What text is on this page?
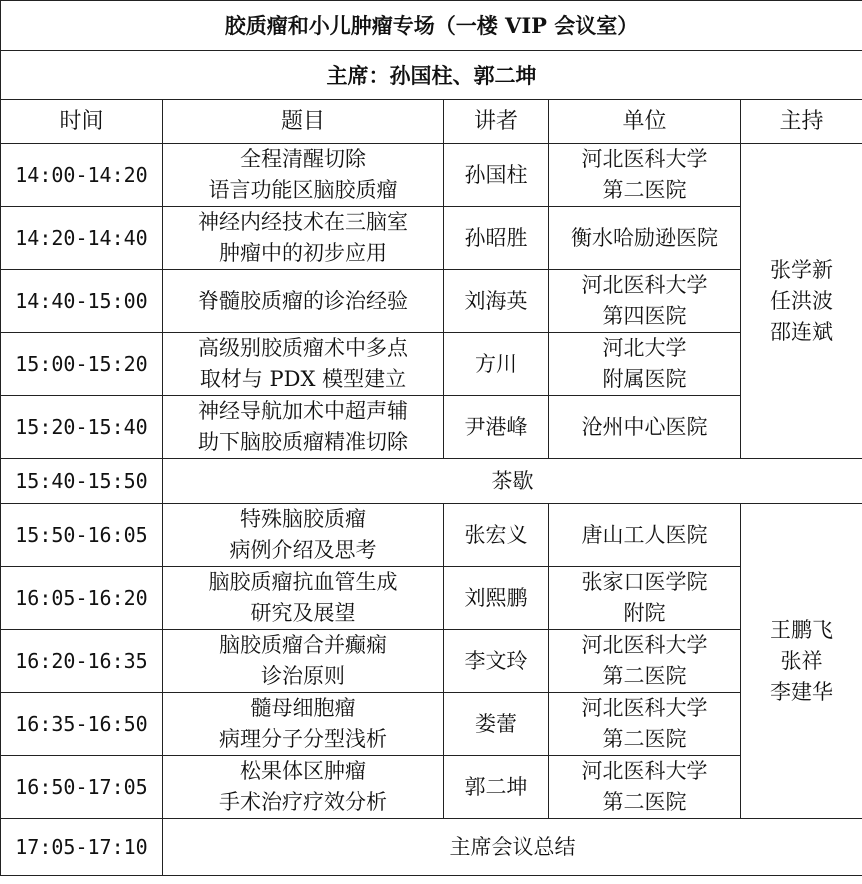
胶质瘤和小儿肿瘤专场（一楼 VIP 会议室）				
主席：孙国柱、郭二坤				
时间	题目	讲者	单位	主持
14:00-14:20	全程清醒切除
语言功能区脑胶质瘤	孙国柱	河北医科大学
第二医院	张学新
任洪波
邵连斌

14:20-14:40	神经内经技术在三脑室
肿瘤中的初步应用	孙昭胜	衡水哈励逊医院	

14:40-15:00	脊髓胶质瘤的诊治经验	刘海英	河北医科大学
第四医院	

15:00-15:20	高级别胶质瘤术中多点
取材与 PDX 模型建立	方川	河北大学
附属医院	

15:20-15:40	神经导航加术中超声辅
助下脑胶质瘤精准切除	尹港峰	沧州中心医院	

15:40-15:50	茶歇			
15:50-16:05	特殊脑胶质瘤
病例介绍及思考	张宏义	唐山工人医院	王鹏飞
张祥
李建华

16:05-16:20	脑胶质瘤抗血管生成
研究及展望	刘熙鹏	张家口医学院
附院	

16:20-16:35	脑胶质瘤合并癫痫
诊治原则	李文玲	河北医科大学
第二医院	

16:35-16:50	髓母细胞瘤
病理分子分型浅析	娄蕾	河北医科大学
第二医院	

16:50-17:05	松果体区肿瘤
手术治疗疗效分析	郭二坤	河北医科大学
第二医院	

17:05-17:10	主席会议总结			
